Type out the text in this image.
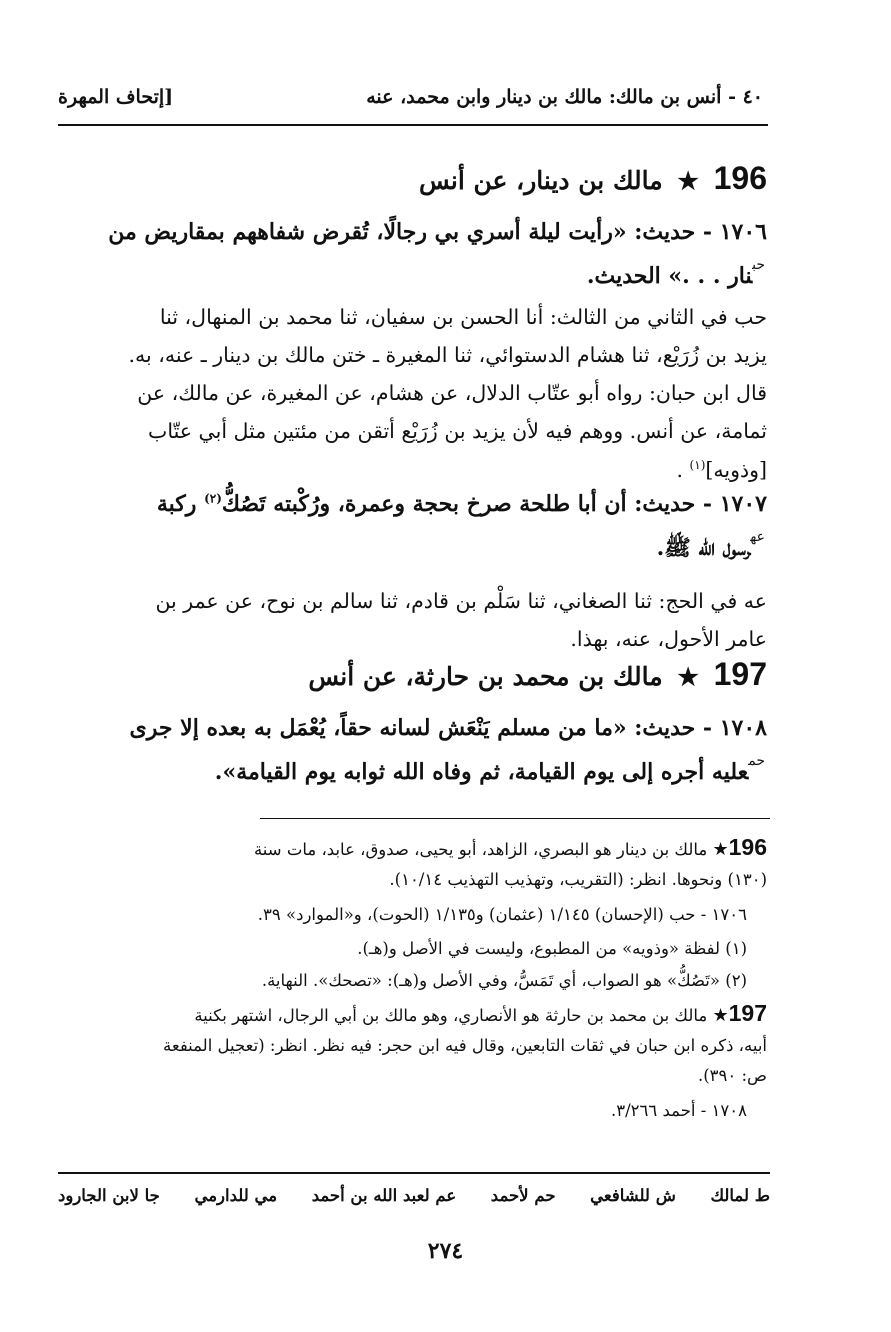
٤٠ - أنس بن مالك: مالك بن دينار وابن محمد، عنه
[إتحاف المهرة
196 ★ مالك بن دينار، عن أنس
١٧٠٦ - حديث: «رأيت ليلة أسري بي رجالًا، تُقرض شفاههم بمقاريض من
$^{حب}$نار . . .» الحديث.
حب في الثاني من الثالث: أنا الحسن بن سفيان، ثنا محمد بن المنهال، ثنا
يزيد بن زُرَيْع، ثنا هشام الدستوائي، ثنا المغيرة ـ ختن مالك بن دينار ـ عنه، به.
قال ابن حبان: رواه أبو عتّاب الدلال، عن هشام، عن المغيرة، عن مالك، عن
ثمامة، عن أنس. ووهم فيه لأن يزيد بن زُرَيْع أتقن من مئتين مثل أبي عتّاب
[وذويه]$^{(١)}$ .
١٧٠٧ - حديث: أن أبا طلحة صرخ بحجة وعمرة، ورُكْبته تَصُكُّ$^{(٢)}$ ركبة
$^{عه}$رسول الله ﷺ.
عه في الحج: ثنا الصغاني، ثنا سَلْم بن قادم، ثنا سالم بن نوح، عن عمر بن
عامر الأحول، عنه، بهذا.
197 ★ مالك بن محمد بن حارثة، عن أنس
١٧٠٨ - حديث: «ما من مسلم يَنْعَش لسانه حقاً، يُعْمَل به بعده إلا جرى
$^{حم}$عليه أجره إلى يوم القيامة، ثم وفاه الله ثوابه يوم القيامة».
196★ مالك بن دينار هو البصري، الزاهد، أبو يحيى، صدوق، عابد، مات سنة
(١٣٠) ونحوها. انظر: (التقريب، وتهذيب التهذيب ١٠/١٤).
١٧٠٦ - حب (الإحسان) ١/١٤٥ (عثمان) و١/١٣٥ (الحوت)، و«الموارد» ٣٩.
(١) لفظة «وذويه» من المطبوع، وليست في الأصل و(هـ).
(٢) «تَصُكُّ» هو الصواب، أي تَمَسُّ، وفي الأصل و(هـ): «تصحك». النهاية.
197★ مالك بن محمد بن حارثة هو الأنصاري، وهو مالك بن أبي الرجال، اشتهر بكنية
أبيه، ذكره ابن حبان في ثقات التابعين، وقال فيه ابن حجر: فيه نظر. انظر: (تعجيل المنفعة
ص: ٣٩٠).
١٧٠٨ - أحمد ٣/٢٦٦.
ط لمالك
ش للشافعي
حم لأحمد
عم لعبد الله بن أحمد
مي للدارمي
جا لابن الجارود
٢٧٤
